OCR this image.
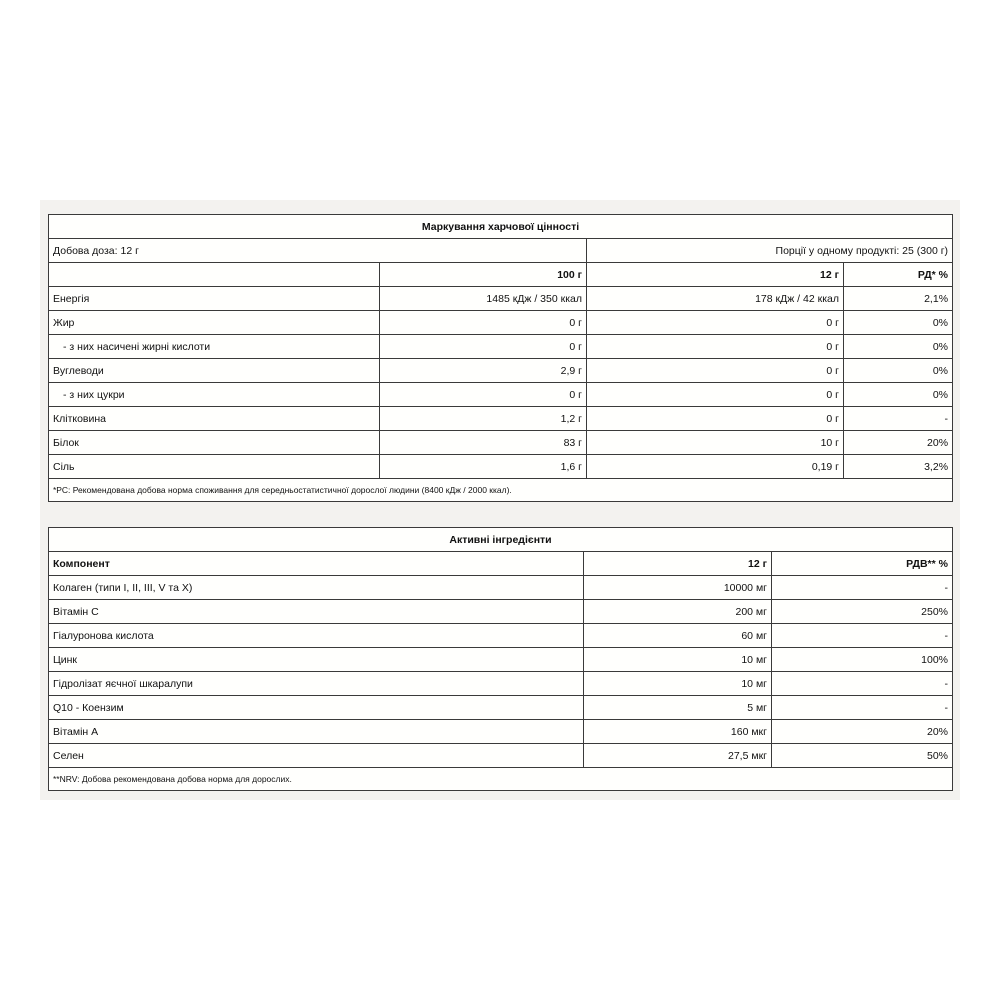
Маркування харчової цінності			
Добова доза: 12 г		Порції у одному продукті: 25 (300 г)	
	100 г	12 г	РД* %
Енергія	1485 кДж / 350 ккал	178 кДж / 42 ккал	2,1%
Жир	0 г	0 г	0%
- з них насичені жирні кислоти	0 г	0 г	0%
Вуглеводи	2,9 г	0 г	0%
- з них цукри	0 г	0 г	0%
Клітковина	1,2 г	0 г	-
Білок	83 г	10 г	20%
Сіль	1,6 г	0,19 г	3,2%
*РС: Рекомендована добова норма споживання для середньостатистичної дорослої людини (8400 кДж / 2000 ккал).			
Активні інгредієнти		
Компонент	12 г	РДВ** %
Колаген (типи I, II, III, V та X)	10000 мг	-
Вітамін С	200 мг	250%
Гіалуронова кислота	60 мг	-
Цинк	10 мг	100%
Гідролізат яєчної шкаралупи	10 мг	-
Q10 - Коензим	5 мг	-
Вітамін А	160 мкг	20%
Селен	27,5 мкг	50%
**NRV: Добова рекомендована добова норма для дорослих.		
